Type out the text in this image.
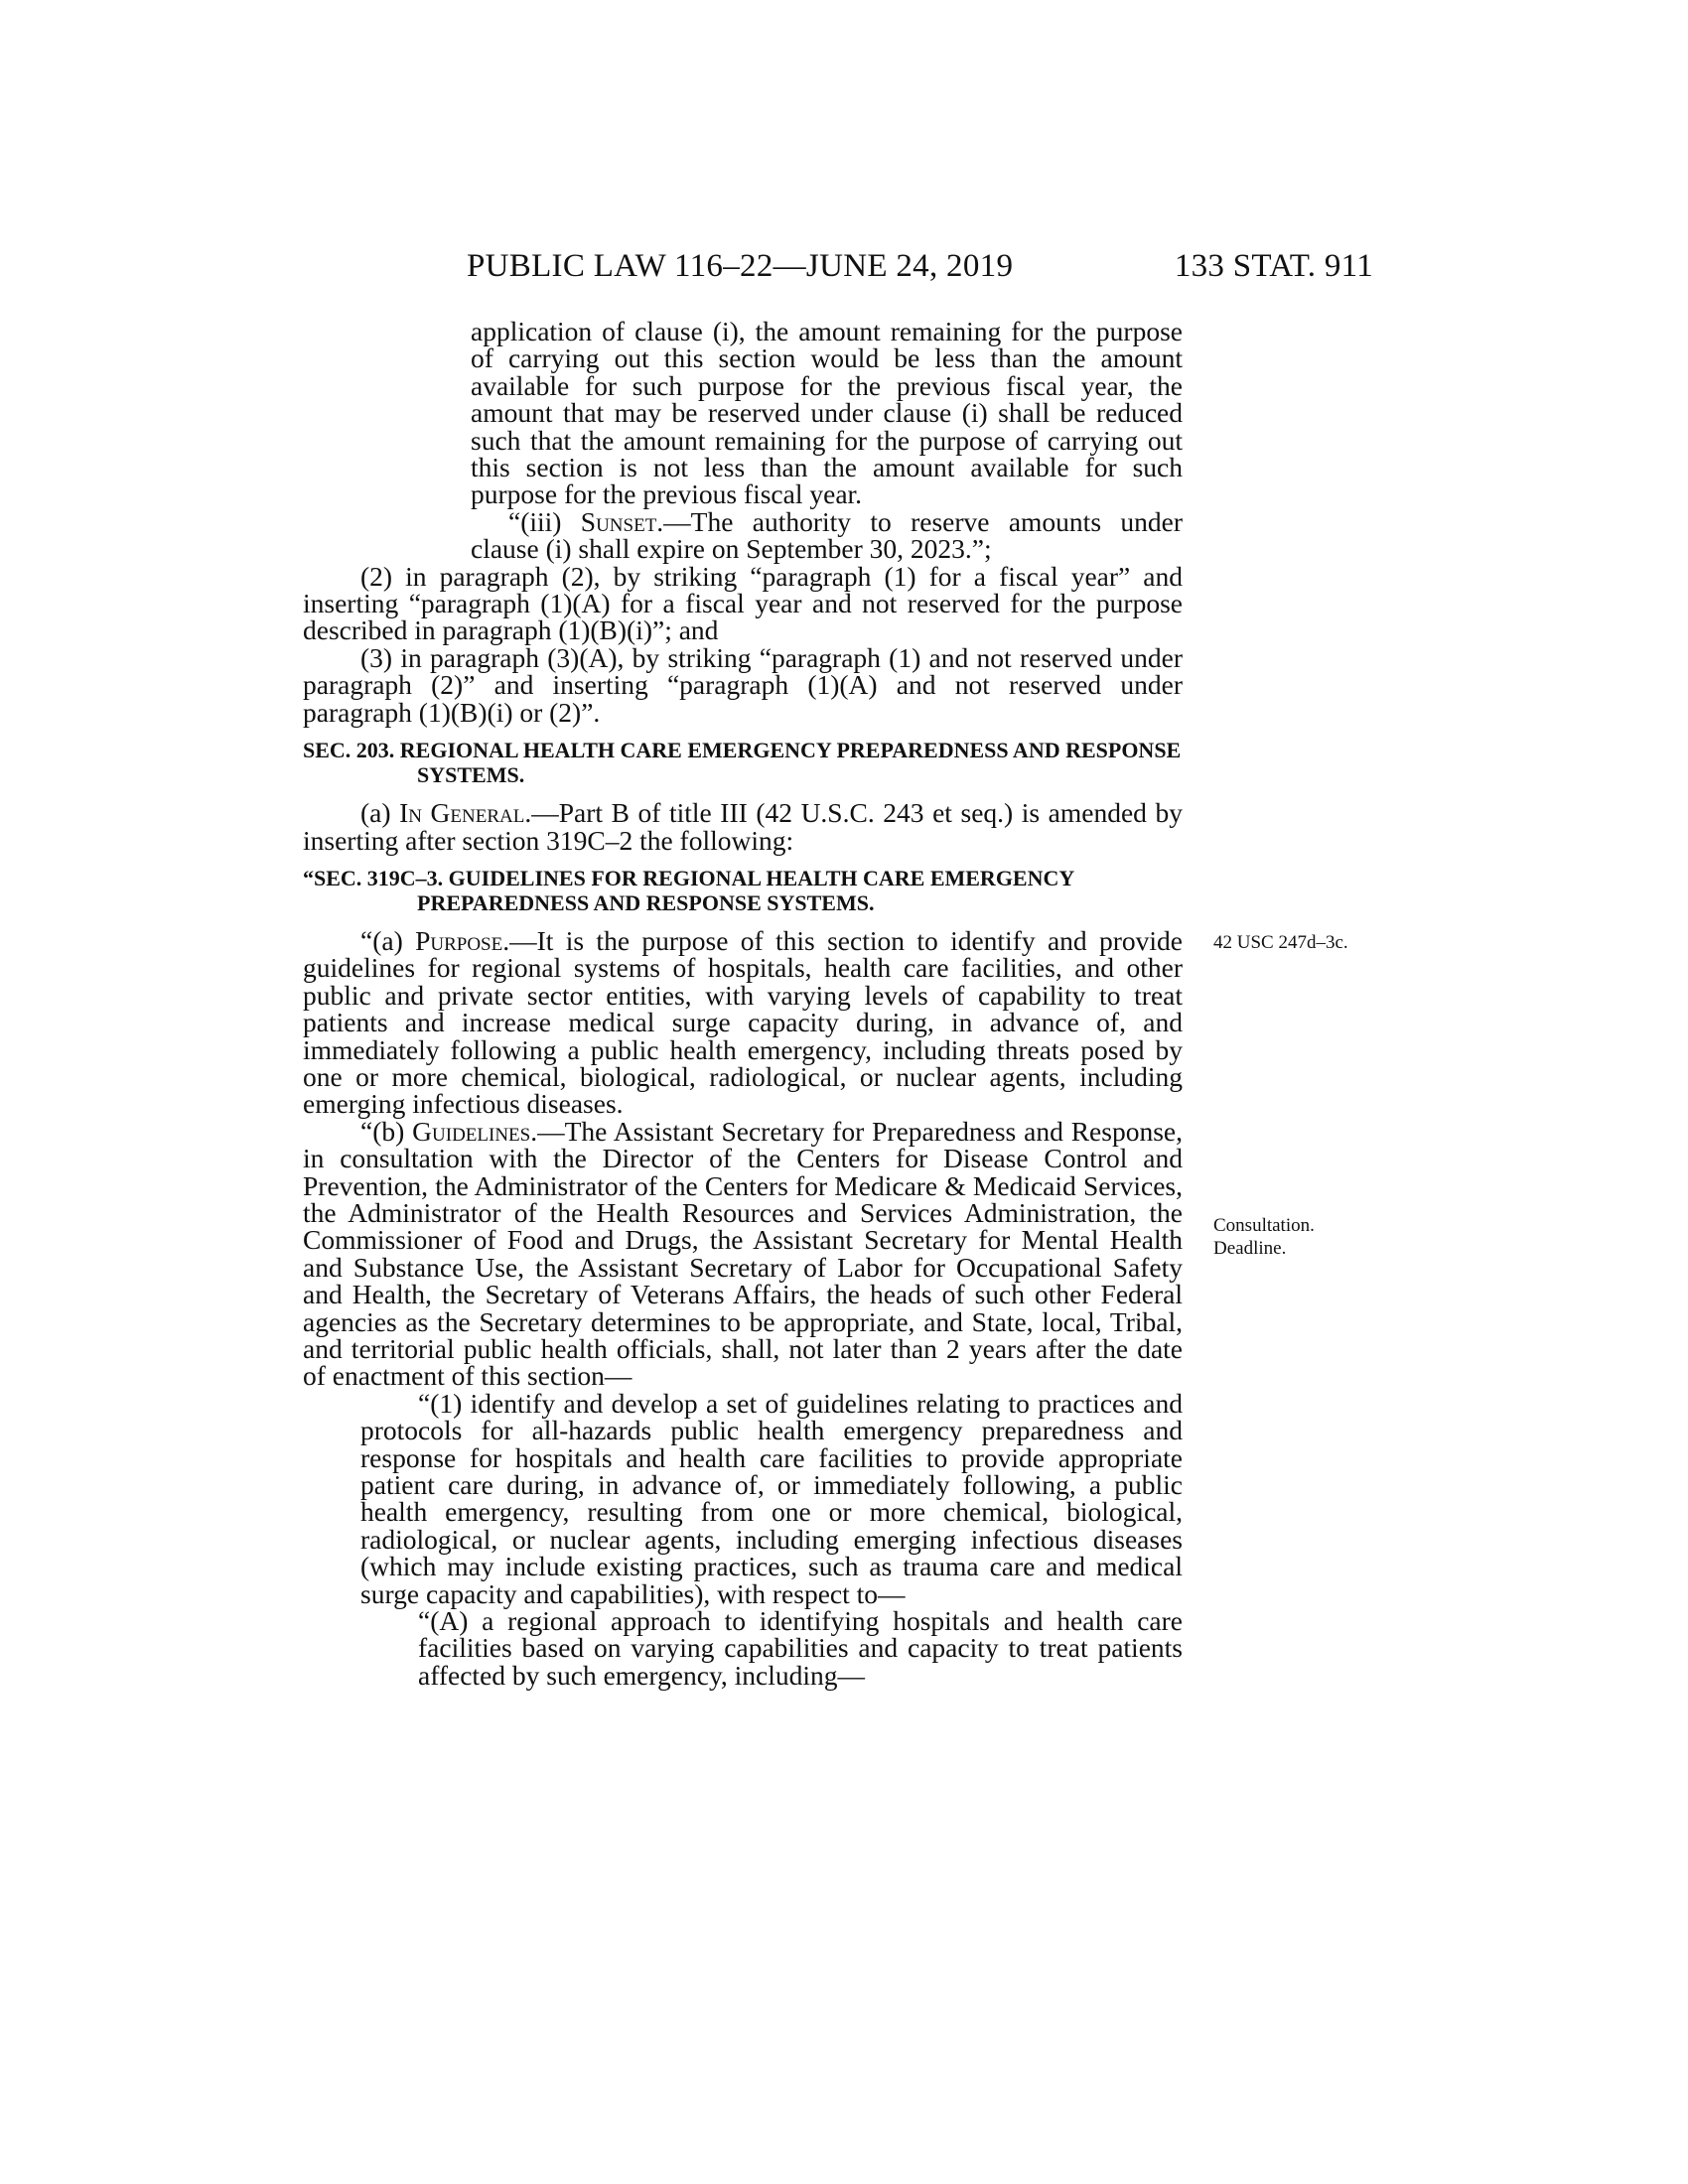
PUBLIC LAW 116–22—JUNE 24, 2019	133 STAT. 911

application of clause (i), the amount remaining for the purpose of carrying out this section would be less than the amount available for such purpose for the previous fiscal year, the amount that may be reserved under clause (i) shall be reduced such that the amount remaining for the purpose of carrying out this section is not less than the amount available for such purpose for the previous fiscal year.

“(iii) Sunset.—The authority to reserve amounts under clause (i) shall expire on September 30, 2023.”;

(2) in paragraph (2), by striking “paragraph (1) for a fiscal year” and inserting “paragraph (1)(A) for a fiscal year and not reserved for the purpose described in paragraph (1)(B)(i)”; and

(3) in paragraph (3)(A), by striking “paragraph (1) and not reserved under paragraph (2)” and inserting “paragraph (1)(A) and not reserved under paragraph (1)(B)(i) or (2)”.

SEC. 203. REGIONAL HEALTH CARE EMERGENCY PREPAREDNESS AND RESPONSE SYSTEMS.

(a) In General.—Part B of title III (42 U.S.C. 243 et seq.) is amended by inserting after section 319C–2 the following:

“SEC. 319C–3. GUIDELINES FOR REGIONAL HEALTH CARE EMERGENCY PREPAREDNESS AND RESPONSE SYSTEMS.

“(a) Purpose.—It is the purpose of this section to identify and provide guidelines for regional systems of hospitals, health care facilities, and other public and private sector entities, with varying levels of capability to treat patients and increase medical surge capacity during, in advance of, and immediately following a public health emergency, including threats posed by one or more chemical, biological, radiological, or nuclear agents, including emerging infectious diseases.

“(b) Guidelines.—The Assistant Secretary for Preparedness and Response, in consultation with the Director of the Centers for Disease Control and Prevention, the Administrator of the Centers for Medicare & Medicaid Services, the Administrator of the Health Resources and Services Administration, the Commissioner of Food and Drugs, the Assistant Secretary for Mental Health and Substance Use, the Assistant Secretary of Labor for Occupational Safety and Health, the Secretary of Veterans Affairs, the heads of such other Federal agencies as the Secretary determines to be appropriate, and State, local, Tribal, and territorial public health officials, shall, not later than 2 years after the date of enactment of this section—

“(1) identify and develop a set of guidelines relating to practices and protocols for all-hazards public health emergency preparedness and response for hospitals and health care facilities to provide appropriate patient care during, in advance of, or immediately following, a public health emergency, resulting from one or more chemical, biological, radiological, or nuclear agents, including emerging infectious diseases (which may include existing practices, such as trauma care and medical surge capacity and capabilities), with respect to—

“(A) a regional approach to identifying hospitals and health care facilities based on varying capabilities and capacity to treat patients affected by such emergency, including—

42 USC 247d–3c.
Consultation.
Deadline.
